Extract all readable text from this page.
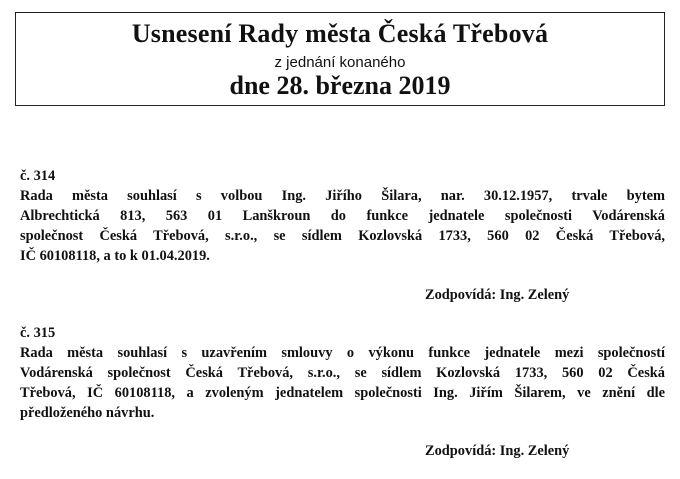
Usnesení Rady města Česká Třebová
z jednání konaného
dne 28. března 2019
č. 314
Rada města souhlasí s volbou Ing. Jiřího Šilara, nar. 30.12.1957, trvale bytem
Albrechtická 813, 563 01 Lanškroun do funkce jednatele společnosti Vodárenská
společnost Česká Třebová, s.r.o., se sídlem Kozlovská 1733, 560 02 Česká Třebová,
IČ 60108118, a to k 01.04.2019.
Zodpovídá: Ing. Zelený
č. 315
Rada města souhlasí s uzavřením smlouvy o výkonu funkce jednatele mezi společností
Vodárenská společnost Česká Třebová, s.r.o., se sídlem Kozlovská 1733, 560 02 Česká
Třebová, IČ 60108118, a zvoleným jednatelem společnosti Ing. Jiřím Šilarem, ve znění dle
předloženého návrhu.
Zodpovídá: Ing. Zelený
